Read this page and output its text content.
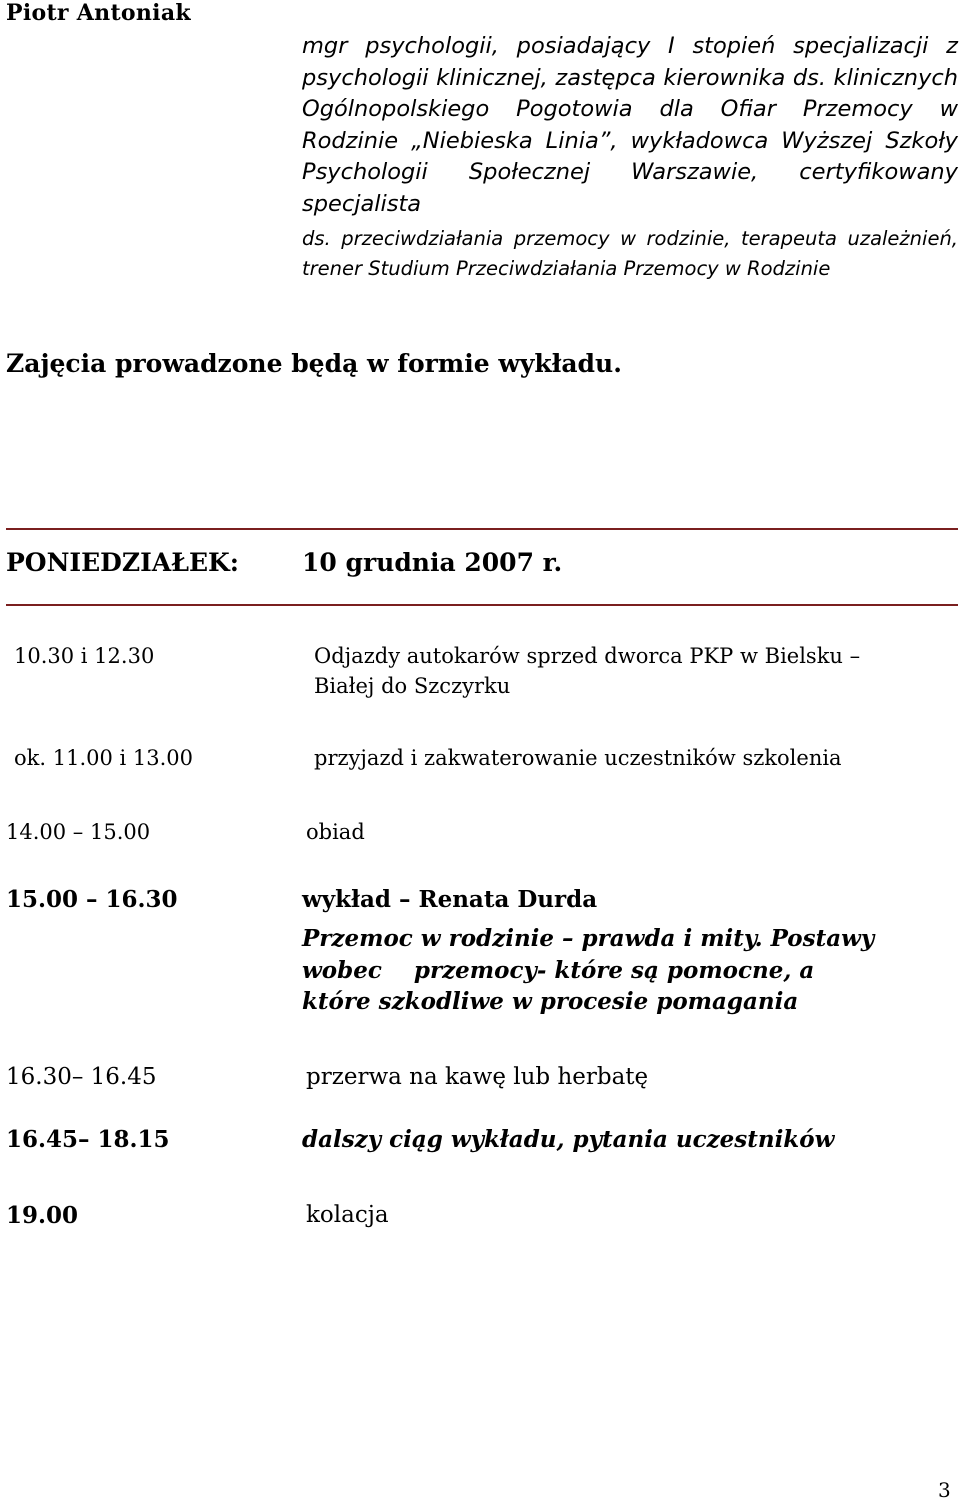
Piotr Antoniak
mgr psychologii, posiadający I stopień specjalizacji z psychologii klinicznej, zastępca kierownika ds. klinicznych Ogólnopolskiego Pogotowia dla Ofiar Przemocy w Rodzinie „Niebieska Linia”, wykładowca Wyższej Szkoły Psychologii Społecznej Warszawie, certyfikowany specjalista
ds. przeciwdziałania przemocy w rodzinie, terapeuta uzależnień, trener Studium Przeciwdziałania Przemocy w Rodzinie
Zajęcia prowadzone będą w formie wykładu.
PONIEDZIAŁEK:	10 grudnia 2007 r.
10.30 i 12.30	Odjazdy autokarów sprzed dworca PKP w Bielsku –
Białej do Szczyrku
ok. 11.00 i 13.00	przyjazd i zakwaterowanie uczestników szkolenia
14.00 – 15.00	obiad
15.00 – 16.30	wykład – Renata Durda
Przemoc w rodzinie – prawda i mity. Postawy
wobec    przemocy- które są pomocne, a
które szkodliwe w procesie pomagania
16.30– 16.45	przerwa na kawę lub herbatę
16.45– 18.15	dalszy ciąg wykładu, pytania uczestników
19.00	kolacja
3
